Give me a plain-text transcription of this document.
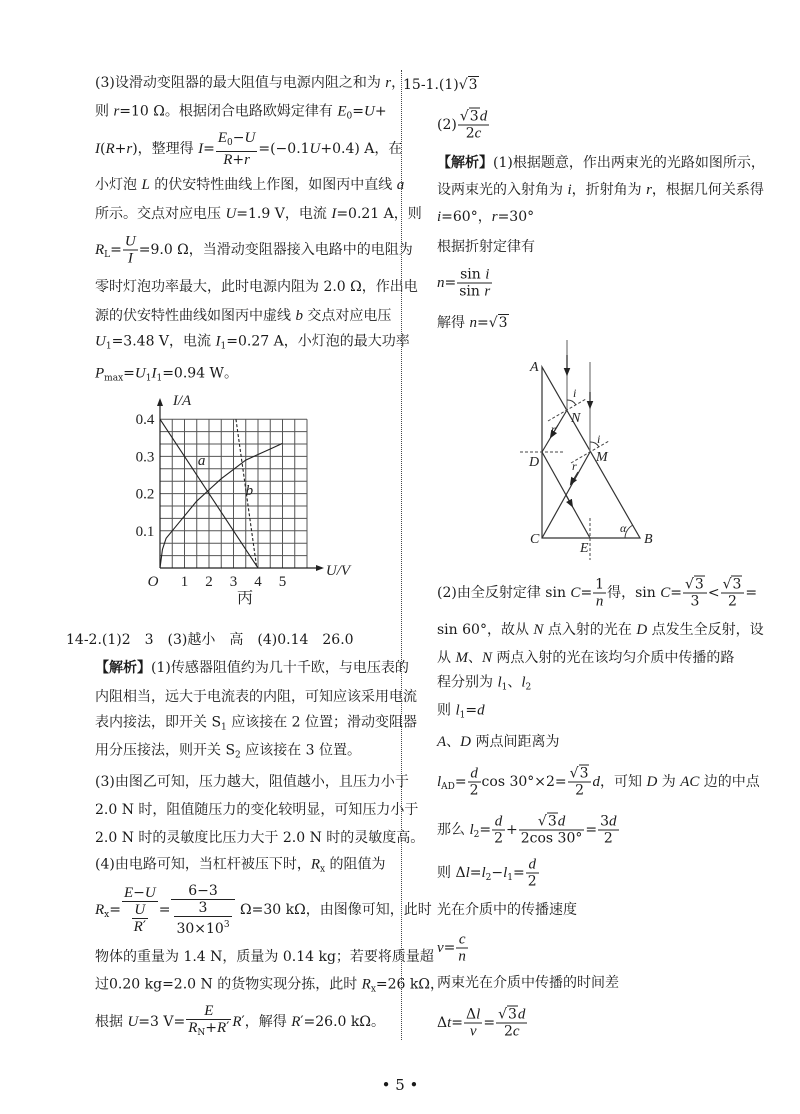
(3)设滑动变阻器的最大阻值与电源内阻之和为 r，
则 r=10 Ω。根据闭合电路欧姆定律有 $E_0=U+$
I(R+r)，整理得 $I= \frac{E_0-U}{R+r} =(-0.1U+0.4)$ A，在
小灯泡 L 的伏安特性曲线上作图，如图丙中直线 a
所示。交点对应电压 U=1.9 V，电流 I=0.21 A，则
$R_L= \frac{U}{I} =9.0$ Ω，当滑动变阻器接入电路中的电阻为
零时灯泡功率最大，此时电源内阻为 2.0 Ω，作出电
源的伏安特性曲线如图丙中虚线 b 交点对应电压
$U_1=3.48$ V，电流 $I_1=0.27$ A，小灯泡的最大功率
$P_{max}=U_1I_1=0.94$ W。
14-2.(1)2　3　(3)越小　高　(4)0.14　26.0
【解析】(1)传感器阻值约为几十千欧，与电压表的
内阻相当，远大于电流表的内阻，可知应该采用电流
表内接法，即开关 $S_1$ 应该接在 2 位置；滑动变阻器
用分压接法，则开关 $S_2$ 应该接在 3 位置。
(3)由图乙可知，压力越大，阻值越小，且压力小于
2.0 N 时，阻值随压力的变化较明显，可知压力小于
2.0 N 时的灵敏度比压力大于 2.0 N 时的灵敏度高。
(4)由电路可知，当杠杆被压下时，$R_x$ 的阻值为
$R_x= \frac{E-U}{\frac{U}{R'}} = \frac{6-3}{\frac{3}{30\times 10^3}} \Omega=30$ kΩ，由图像可知，此时
物体的重量为 1.4 N，质量为 0.14 kg；若要将质量超
过0.20 kg=2.0 N 的货物实现分拣，此时 $R_x=26$ kΩ，
根据 U=3 $V= \frac{E}{R_N+R'} R'$，解得 R′=26.0 kΩ。
15-1.(1)√3
$(2) \frac{√3d}{2c}$
【解析】(1)根据题意，作出两束光的光路如图所示，
设两束光的入射角为 i，折射角为 r，根据几何关系得
i=60°，r=30°
根据折射定律有
$n= \frac{\text{sin i}}{\text{sin r}}$
解得 n=√3
(2)由全反射定律 $\sin C= \frac{1}{n}$ 得，$\sin C= \frac{√3}{3} < \frac{√3}{2}$ =
sin 60°，故从 N 点入射的光在 D 点发生全反射，设
从 M、N 两点入射的光在该均匀介质中传播的路
程分别为 $l_1$、$l_2$
则 $l_1=d$
A、D 两点间距离为
$l_{AD}= \frac{d}{2}$ $\cos 30^\circ\times 2= \frac{√3}{2}$ d，可知 D 为 AC 边的中点
那么 $l_2= \frac{d}{2} + \frac{√3d}{2\cos 30^\circ} = \frac{3d}{2}$
则 $\Delta l=l_2-l_1= \frac{d}{2}$
光在介质中的传播速度
$v= \frac{c}{n}$
两束光在介质中传播的时间差
$\Delta t= \frac{\Delta l}{v} = \frac{√3d}{2c}$
1 2 3 4 5
0.1
0.2
0.3
0.4
O
I/A
U/V
a
b
丙
A
B
C
D
E
M
N
i
i
r
r
α
• 5 •
